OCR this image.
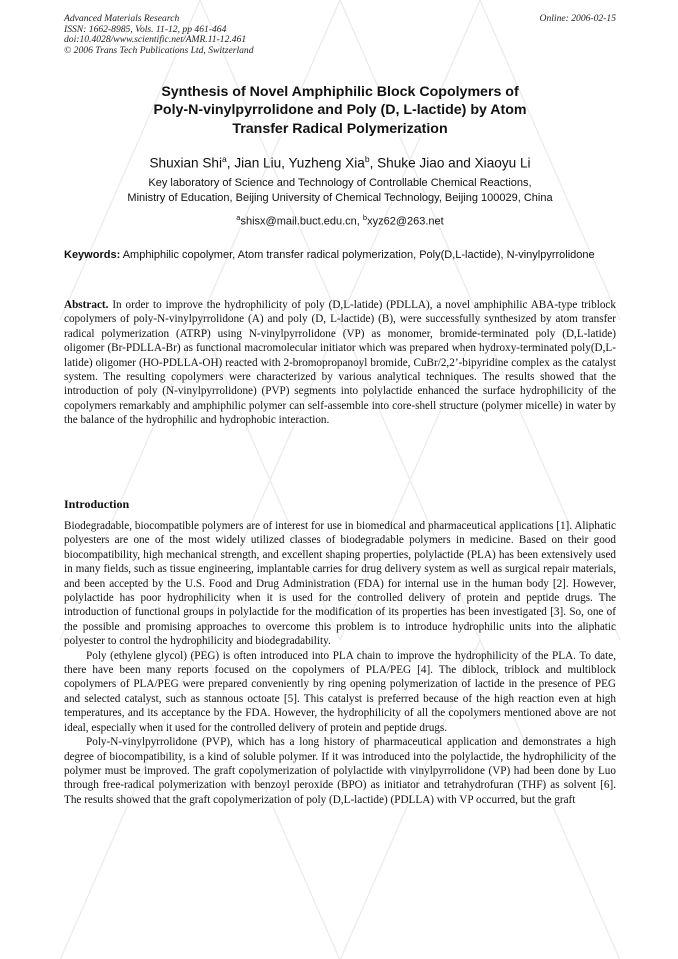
Advanced Materials Research
ISSN: 1662-8985, Vols. 11-12, pp 461-464
doi:10.4028/www.scientific.net/AMR.11-12.461
© 2006 Trans Tech Publications Ltd, Switzerland
Online: 2006-02-15
Synthesis of Novel Amphiphilic Block Copolymers of
Poly-N-vinylpyrrolidone and Poly (D, L-lactide) by Atom
Transfer Radical Polymerization
Shuxian Shi$^a$, Jian Liu, Yuzheng Xia$^b$, Shuke Jiao and Xiaoyu Li
Key laboratory of Science and Technology of Controllable Chemical Reactions,
Ministry of Education, Beijing University of Chemical Technology, Beijing 100029, China
$^a$shisx@mail.buct.edu.cn, $^b$xyz62@263.net
Keywords: Amphiphilic copolymer, Atom transfer radical polymerization, Poly(D,L-lactide), N-vinylpyrrolidone
Abstract. In order to improve the hydrophilicity of poly (D,L-latide) (PDLLA), a novel amphiphilic ABA-type triblock copolymers of poly-N-vinylpyrrolidone (A) and poly (D, L-lactide) (B), were successfully synthesized by atom transfer radical polymerization (ATRP) using N-vinylpyrrolidone (VP) as monomer, bromide-terminated poly (D,L-latide) oligomer (Br-PDLLA-Br) as functional macromolecular initiator which was prepared when hydroxy-terminated poly(D,L-latide) oligomer (HO-PDLLA-OH) reacted with 2-bromopropanoyl bromide, CuBr/2,2’-bipyridine complex as the catalyst system. The resulting copolymers were characterized by various analytical techniques. The results showed that the introduction of poly (N-vinylpyrrolidone) (PVP) segments into polylactide enhanced the surface hydrophilicity of the copolymers remarkably and amphiphilic polymer can self-assemble into core-shell structure (polymer micelle) in water by the balance of the hydrophilic and hydrophobic interaction.
Introduction

Biodegradable, biocompatible polymers are of interest for use in biomedical and pharmaceutical applications [1]. Aliphatic polyesters are one of the most widely utilized classes of biodegradable polymers in medicine. Based on their good biocompatibility, high mechanical strength, and excellent shaping properties, polylactide (PLA) has been extensively used in many fields, such as tissue engineering, implantable carries for drug delivery system as well as surgical repair materials, and been accepted by the U.S. Food and Drug Administration (FDA) for internal use in the human body [2]. However, polylactide has poor hydrophilicity when it is used for the controlled delivery of protein and peptide drugs. The introduction of functional groups in polylactide for the modification of its properties has been investigated [3]. So, one of the possible and promising approaches to overcome this problem is to introduce hydrophilic units into the aliphatic polyester to control the hydrophilicity and biodegradability.

Poly (ethylene glycol) (PEG) is often introduced into PLA chain to improve the hydrophilicity of the PLA. To date, there have been many reports focused on the copolymers of PLA/PEG [4]. The diblock, triblock and multiblock copolymers of PLA/PEG were prepared conveniently by ring opening polymerization of lactide in the presence of PEG and selected catalyst, such as stannous octoate [5]. This catalyst is preferred because of the high reaction even at high temperatures, and its acceptance by the FDA. However, the hydrophilicity of all the copolymers mentioned above are not ideal, especially when it used for the controlled delivery of protein and peptide drugs.

Poly-N-vinylpyrrolidone (PVP), which has a long history of pharmaceutical application and demonstrates a high degree of biocompatibility, is a kind of soluble polymer. If it was introduced into the polylactide, the hydrophilicity of the polymer must be improved. The graft copolymerization of polylactide with vinylpyrrolidone (VP) had been done by Luo through free-radical polymerization with benzoyl peroxide (BPO) as initiator and tetrahydrofuran (THF) as solvent [6]. The results showed that the graft copolymerization of poly (D,L-lactide) (PDLLA) with VP occurred, but the graft
